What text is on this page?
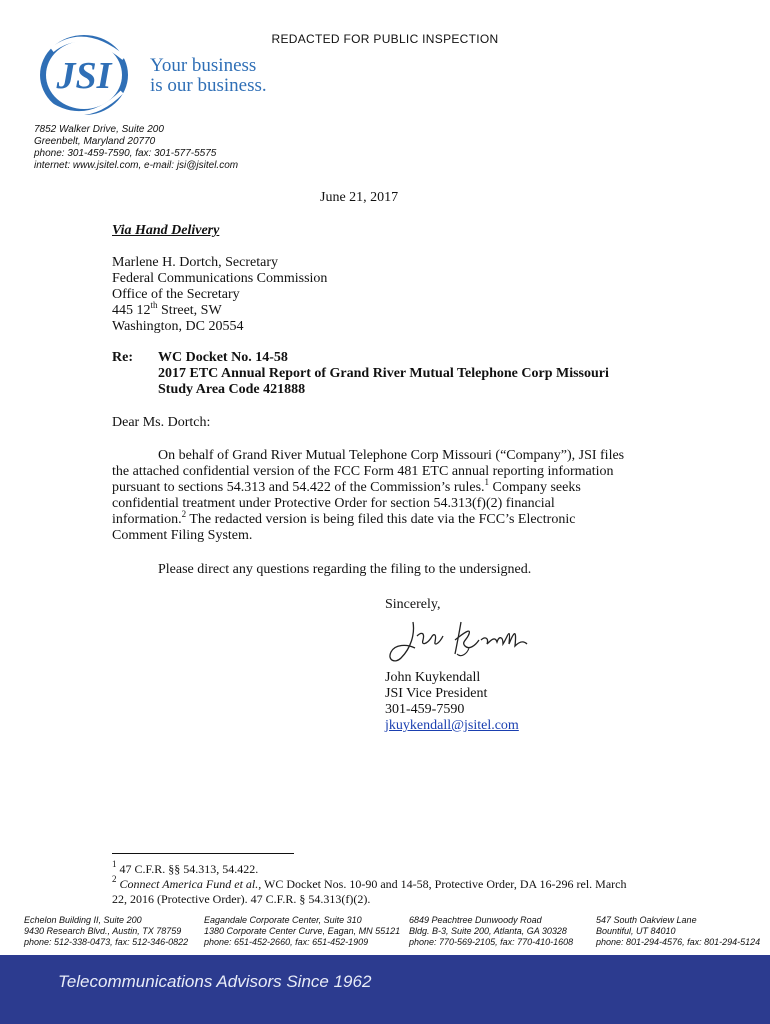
REDACTED FOR PUBLIC INSPECTION
JSI Your business
is our business.
7852 Walker Drive, Suite 200
Greenbelt, Maryland 20770
phone: 301-459-7590, fax: 301-577-5575
internet: www.jsitel.com, e-mail: jsi@jsitel.com
June 21, 2017
Via Hand Delivery
Marlene H. Dortch, Secretary
Federal Communications Commission
Office of the Secretary
445 12th Street, SW
Washington, DC 20554
Re: WC Docket No. 14-58
2017 ETC Annual Report of Grand River Mutual Telephone Corp Missouri
Study Area Code 421888
Dear Ms. Dortch:
On behalf of Grand River Mutual Telephone Corp Missouri (“Company”), JSI files
the attached confidential version of the FCC Form 481 ETC annual reporting information
pursuant to sections 54.313 and 54.422 of the Commission’s rules.$^1$ Company seeks
confidential treatment under Protective Order for section 54.313(f)(2) financial
information.$^2$ The redacted version is being filed this date via the FCC’s Electronic
Comment Filing System.
Please direct any questions regarding the filing to the undersigned.
Sincerely,
John Kuykendall
JSI Vice President
301-459-7590
jkuykendall@jsitel.com
$^1$ 47 C.F.R. §§ 54.313, 54.422.
$^2$ Connect America Fund et al., WC Docket Nos. 10-90 and 14-58, Protective Order, DA 16-296 rel. March
22, 2016 (Protective Order). 47 C.F.R. § 54.313(f)(2).
Echelon Building II, Suite 200
9430 Research Blvd., Austin, TX 78759
phone: 512-338-0473, fax: 512-346-0822
Eagandale Corporate Center, Suite 310
1380 Corporate Center Curve, Eagan, MN 55121
phone: 651-452-2660, fax: 651-452-1909
6849 Peachtree Dunwoody Road
Bldg. B-3, Suite 200, Atlanta, GA 30328
phone: 770-569-2105, fax: 770-410-1608
547 South Oakview Lane
Bountiful, UT 84010
phone: 801-294-4576, fax: 801-294-5124
Telecommunications Advisors Since 1962
